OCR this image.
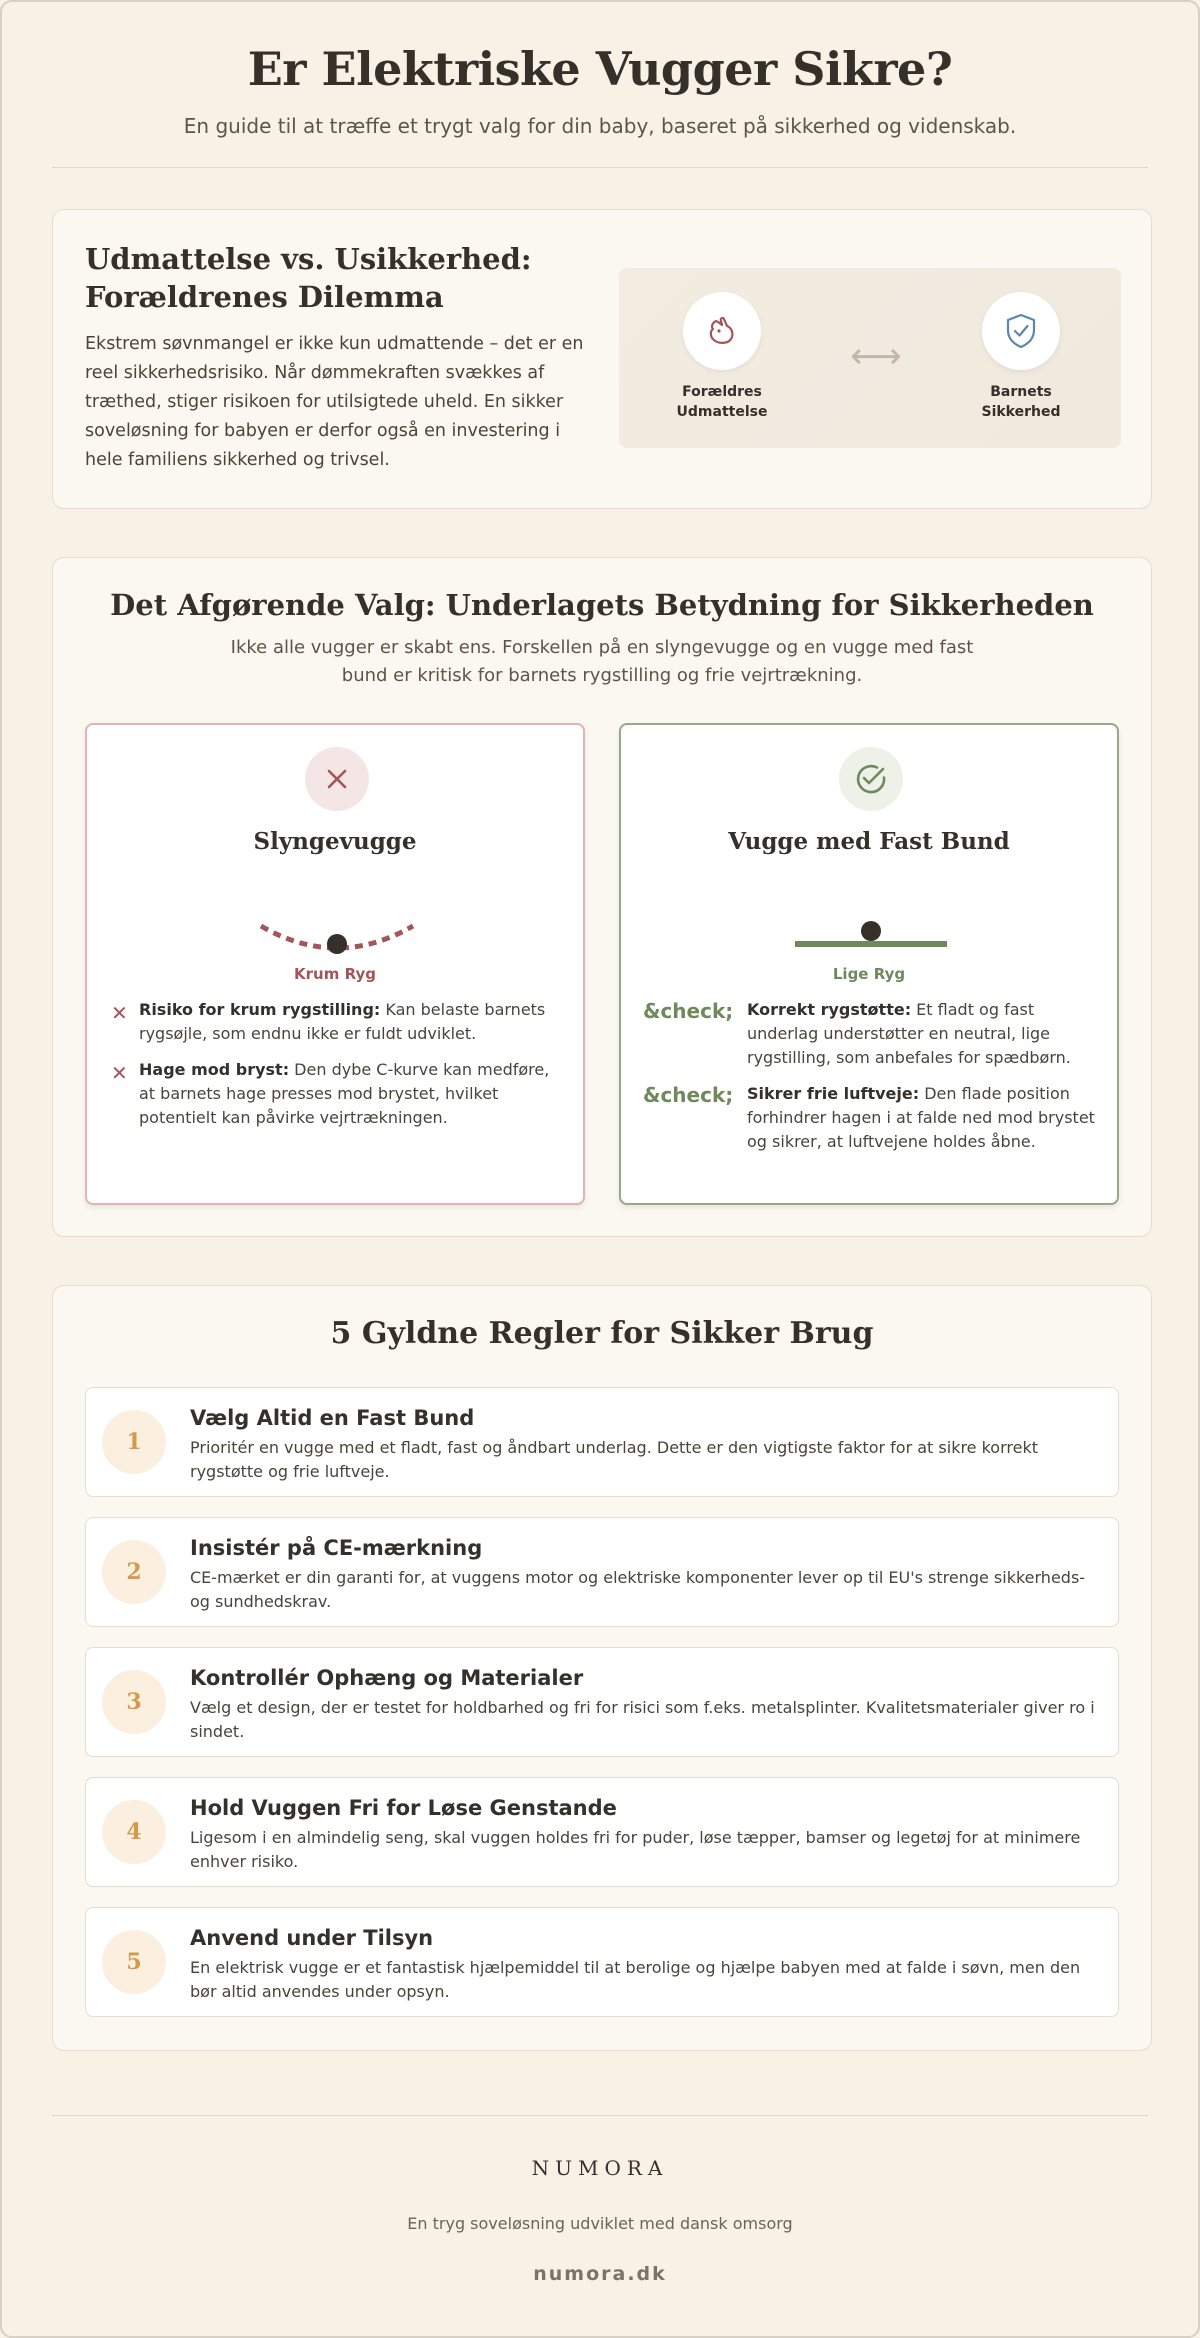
Er Elektriske Vugger Sikre?

En guide til at træffe et trygt valg for din baby, baseret på sikkerhed og videnskab.

Udmattelse vs. Usikkerhed: Forældrenes Dilemma

Ekstrem søvnmangel er ikke kun udmattende – det er en reel sikkerhedsrisiko. Når dømmekraften svækkes af træthed, stiger risikoen for utilsigtede uheld. En sikker soveløsning for babyen er derfor også en investering i hele familiens sikkerhed og trivsel.

Forældres Udmattelse
⟷
Barnets Sikkerhed
Det Afgørende Valg: Underlagets Betydning for Sikkerheden

Ikke alle vugger er skabt ens. Forskellen på en slyngevugge og en vugge med fast bund er kritisk for barnets rygstilling og frie vejrtrækning.

Slyngevugge
Krum Ryg
✕ Risiko for krum rygstilling: Kan belaste barnets rygsøjle, som endnu ikke er fuldt udviklet.
✕ Hage mod bryst: Den dybe C-kurve kan medføre, at barnets hage presses mod brystet, hvilket potentielt kan påvirke vejrtrækningen.
Vugge med Fast Bund
Lige Ryg
&check; Korrekt rygstøtte: Et fladt og fast underlag understøtter en neutral, lige rygstilling, som anbefales for spædbørn.
&check; Sikrer frie luftveje: Den flade position forhindrer hagen i at falde ned mod brystet og sikrer, at luftvejene holdes åbne.
5 Gyldne Regler for Sikker Brug
1
Vælg Altid en Fast Bund

Prioritér en vugge med et fladt, fast og åndbart underlag. Dette er den vigtigste faktor for at sikre korrekt rygstøtte og frie luftveje.

2
Insistér på CE-mærkning

CE-mærket er din garanti for, at vuggens motor og elektriske komponenter lever op til EU's strenge sikkerheds- og sundhedskrav.

3
Kontrollér Ophæng og Materialer

Vælg et design, der er testet for holdbarhed og fri for risici som f.eks. metalsplinter. Kvalitetsmaterialer giver ro i sindet.

4
Hold Vuggen Fri for Løse Genstande

Ligesom i en almindelig seng, skal vuggen holdes fri for puder, løse tæpper, bamser og legetøj for at minimere enhver risiko.

5
Anvend under Tilsyn

En elektrisk vugge er et fantastisk hjælpemiddel til at berolige og hjælpe babyen med at falde i søvn, men den bør altid anvendes under opsyn.

NUMORA
En tryg soveløsning udviklet med dansk omsorg
numora.dk
